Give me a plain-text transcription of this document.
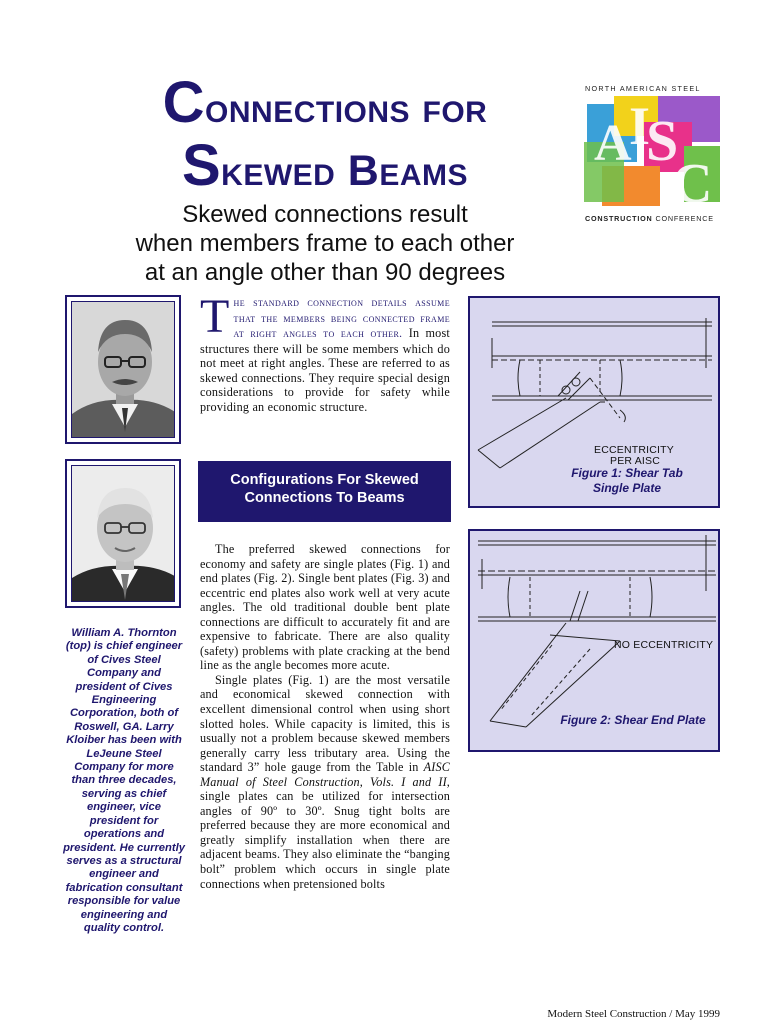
Connections for
Skewed Beams
Skewed connections result
when members frame to each other
at an angle other than 90 degrees
NORTH AMERICAN STEEL
A
I
S
C
CONSTRUCTION CONFERENCE
William A. Thornton (top) is chief engineer of Cives Steel Company and president of Cives Engineering Corporation, both of Roswell, GA. Larry Kloiber has been with LeJeune Steel Company for more than three decades, serving as chief engineer, vice president for operations and president. He currently serves as a structural engineer and fabrication consultant responsible for value engineering and quality control.
The standard connection details assume that the members being connected frame at right angles to each other. In most structures there will be some members which do not meet at right angles. These are referred to as skewed connections. They require special design considerations to provide for safety while providing an economic structure.
Configurations For Skewed
Connections To Beams

The preferred skewed connections for economy and safety are single plates (Fig. 1) and end plates (Fig. 2). Single bent plates (Fig. 3) and eccentric end plates also work well at very acute angles. The old traditional double bent plate connections are difficult to accurately fit and are expensive to fabricate. There are also quality (safety) problems with plate cracking at the bend line as the angle becomes more acute.

Single plates (Fig. 1) are the most versatile and economical skewed connection with excellent dimensional control when using short slotted holes. While capacity is limited, this is usually not a problem because skewed members generally carry less tributary area. Using the standard 3” hole gauge from the Table in AISC Manual of Steel Construction, Vols. I and II, single plates can be utilized for intersection angles of 90º to 30º. Snug tight bolts are preferred because they are more economical and greatly simplify installation when there are adjacent beams. They also eliminate the “banging bolt” problem which occurs in single plate connections when pretensioned bolts

ECCENTRICITY
PER AISC
Figure 1: Shear Tab
Single Plate
NO ECCENTRICITY
Figure 2: Shear End Plate
Modern Steel Construction / May 1999
